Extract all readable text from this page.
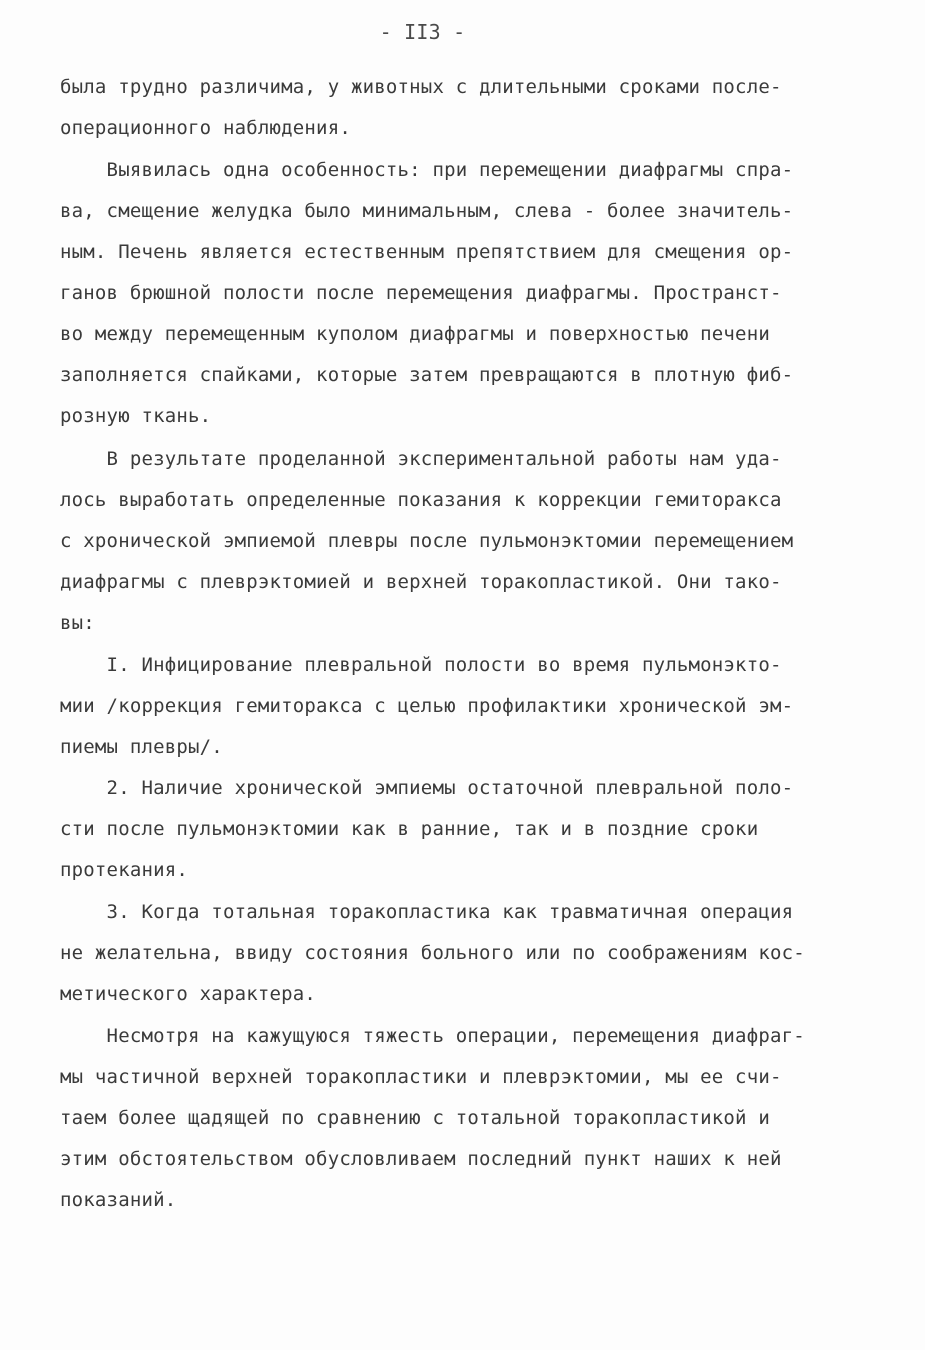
- II3 -
была трудно различима, у животных с длительными сроками после-
операционного наблюдения.
Выявилась одна особенность: при перемещении диафрагмы спра-
ва, смещение желудка было минимальным, слева - более значитель-
ным. Печень является естественным препятствием для смещения ор-
ганов брюшной полости после перемещения диафрагмы. Пространст-
во между перемещенным куполом диафрагмы и поверхностью печени
заполняется спайками, которые затем превращаются в плотную фиб-
розную ткань.
В результате проделанной экспериментальной работы нам уда-
лось выработать определенные показания к коррекции гемиторакса
с хронической эмпиемой плевры после пульмонэктомии перемещением
диафрагмы с плеврэктомией и верхней торакопластикой. Они тако-
вы:
I. Инфицирование плевральной полости во время пульмонэкто-
мии /коррекция гемиторакса с целью профилактики хронической эм-
пиемы плевры/.
2. Наличие хронической эмпиемы остаточной плевральной поло-
сти после пульмонэктомии как в ранние, так и в поздние сроки
протекания.
3. Когда тотальная торакопластика как травматичная операция
не желательна, ввиду состояния больного или по соображениям кос-
метического характера.
Несмотря на кажущуюся тяжесть операции, перемещения диафраг-
мы частичной верхней торакопластики и плеврэктомии, мы ее счи-
таем более щадящей по сравнению с тотальной торакопластикой и
этим обстоятельством обусловливаем последний пункт наших к ней
показаний.
